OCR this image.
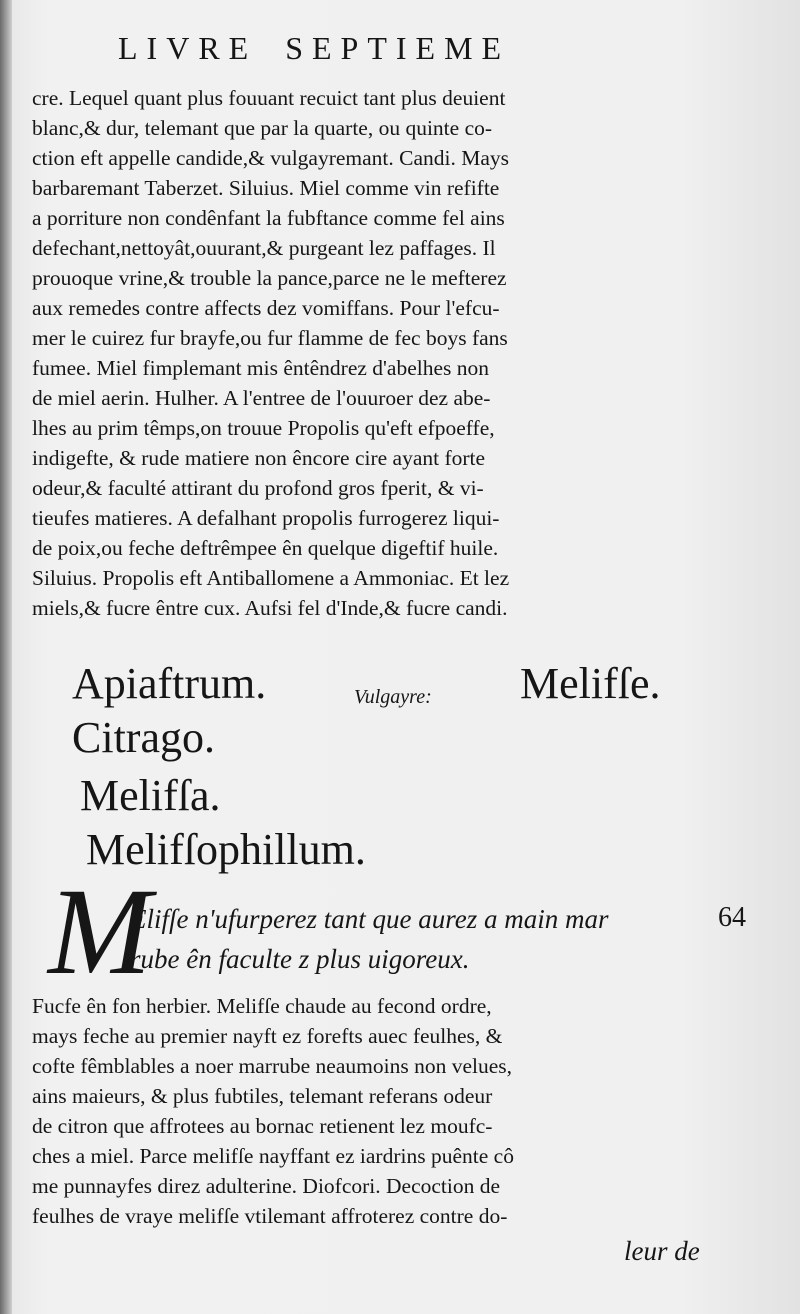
LIVRE SEPTIEME
cre. Lequel quant plus fouuant recuict tant plus deuient
blanc,& dur, telemant que par la quarte, ou quinte co-
ction eft appelle candide,& vulgayremant. Candi. Mays
barbaremant Taberzet. Siluius. Miel comme vin refifte
a porriture non condênfant la fubftance comme fel ains
defechant,nettoyât,ouurant,& purgeant lez paffages. Il
prouoque vrine,& trouble la pance,parce ne le mefterez
aux remedes contre affects dez vomiffans. Pour l'efcu-
mer le cuirez fur brayfe,ou fur flamme de fec boys fans
fumee. Miel fimplemant mis êntêndrez d'abelhes non
de miel aerin. Hulher. A l'entree de l'ouuroer dez abe-
lhes au prim têmps,on trouue Propolis qu'eft efpoeffe,
indigefte, & rude matiere non êncore cire ayant forte
odeur,& faculté attirant du profond gros fperit, & vi-
tieufes matieres. A defalhant propolis furrogerez liqui-
de poix,ou feche deftrêmpee ên quelque digeftif huile.
Siluius. Propolis eft Antiballomene a Ammoniac. Et lez
miels,& fucre êntre cux. Aufsi fel d'Inde,& fucre candi.
Apiaftrum.
Citrago.
Melifſa.
Melifſophillum.
Vulgayre: Melifſe.
M
Elifſe n'ufurperez tant que aurez a main mar
rube ên faculte z plus uigoreux.
64
Fucfe ên fon herbier. Melifſe chaude au fecond ordre,
mays feche au premier nayft ez forefts auec feulhes, &
cofte fêmblables a noer marrube neaumoins non velues,
ains maieurs, & plus fubtiles, telemant referans odeur
de citron que affrotees au bornac retienent lez moufc-
ches a miel. Parce melifſe nayffant ez iardrins puênte cô
me punnayfes direz adulterine. Diofcori. Decoction de
feulhes de vraye melifſe vtilemant affroterez contre do-
leur de
